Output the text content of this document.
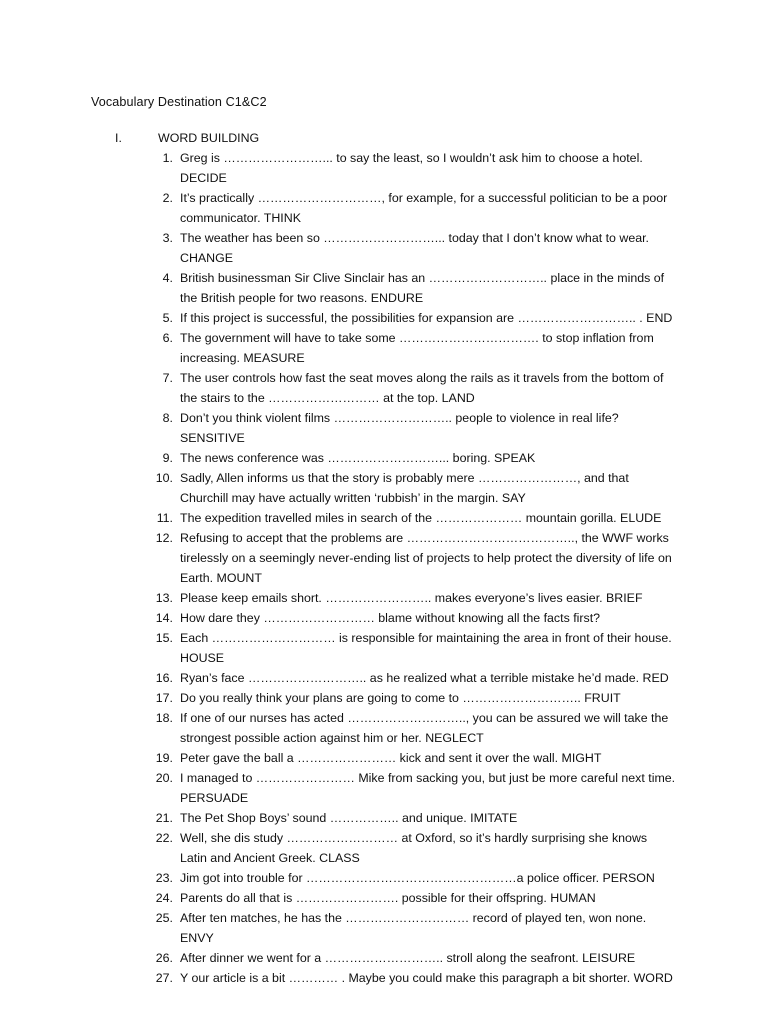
Vocabulary Destination C1&C2
I.	WORD BUILDING
1. Greg is ……………………... to say the least, so I wouldn’t ask him to choose a hotel. DECIDE
2. It’s practically …………………………, for example, for a successful politician to be a poor communicator. THINK
3. The weather has been so ………………………... today that I don’t know what to wear. CHANGE
4. British businessman Sir Clive Sinclair has an ……………………….. place in the minds of the British people for two reasons. ENDURE
5. If this project is successful, the possibilities for expansion are ……………………….. . END
6. The government will have to take some ……………………………. to stop inflation from increasing. MEASURE
7. The user controls how fast the seat moves along the rails as it travels from the bottom of the stairs to the ……………………… at the top. LAND
8. Don’t you think violent films ……………………….. people to violence in real life? SENSITIVE
9. The news conference was ………………………... boring. SPEAK
10. Sadly, Allen informs us that the story is probably mere ……………………, and that Churchill may have actually written ‘rubbish’ in the margin. SAY
11. The expedition travelled miles in search of the ………………… mountain gorilla. ELUDE
12. Refusing to accept that the problems are ………………………………….., the WWF works tirelessly on a seemingly never-ending list of projects to help protect the diversity of life on Earth. MOUNT
13. Please keep emails short. …………………….. makes everyone’s lives easier. BRIEF
14. How dare they ……………………… blame without knowing all the facts first?
15. Each ………………………… is responsible for maintaining the area in front of their house. HOUSE
16. Ryan’s face ……………………….. as he realized what a terrible mistake he’d made. RED
17. Do you really think your plans are going to come to ……………………….. FRUIT
18. If one of our nurses has acted ……………………….., you can be assured we will take the strongest possible action against him or her. NEGLECT
19. Peter gave the ball a …………………… kick and sent it over the wall. MIGHT
20. I managed to …………………… Mike from sacking you, but just be more careful next time. PERSUADE
21. The Pet Shop Boys’ sound …………….. and unique. IMITATE
22. Well, she dis study ……………………… at Oxford, so it’s hardly surprising she knows Latin and Ancient Greek. CLASS
23. Jim got into trouble for ……………………………………………a police officer. PERSON
24. Parents do all that is ……………………. possible for their offspring. HUMAN
25. After ten matches, he has the ………………………… record of played ten, won none. ENVY
26. After dinner we went for a ……………………….. stroll along the seafront. LEISURE
27. Y our article is a bit ………… . Maybe you could make this paragraph a bit shorter. WORD
